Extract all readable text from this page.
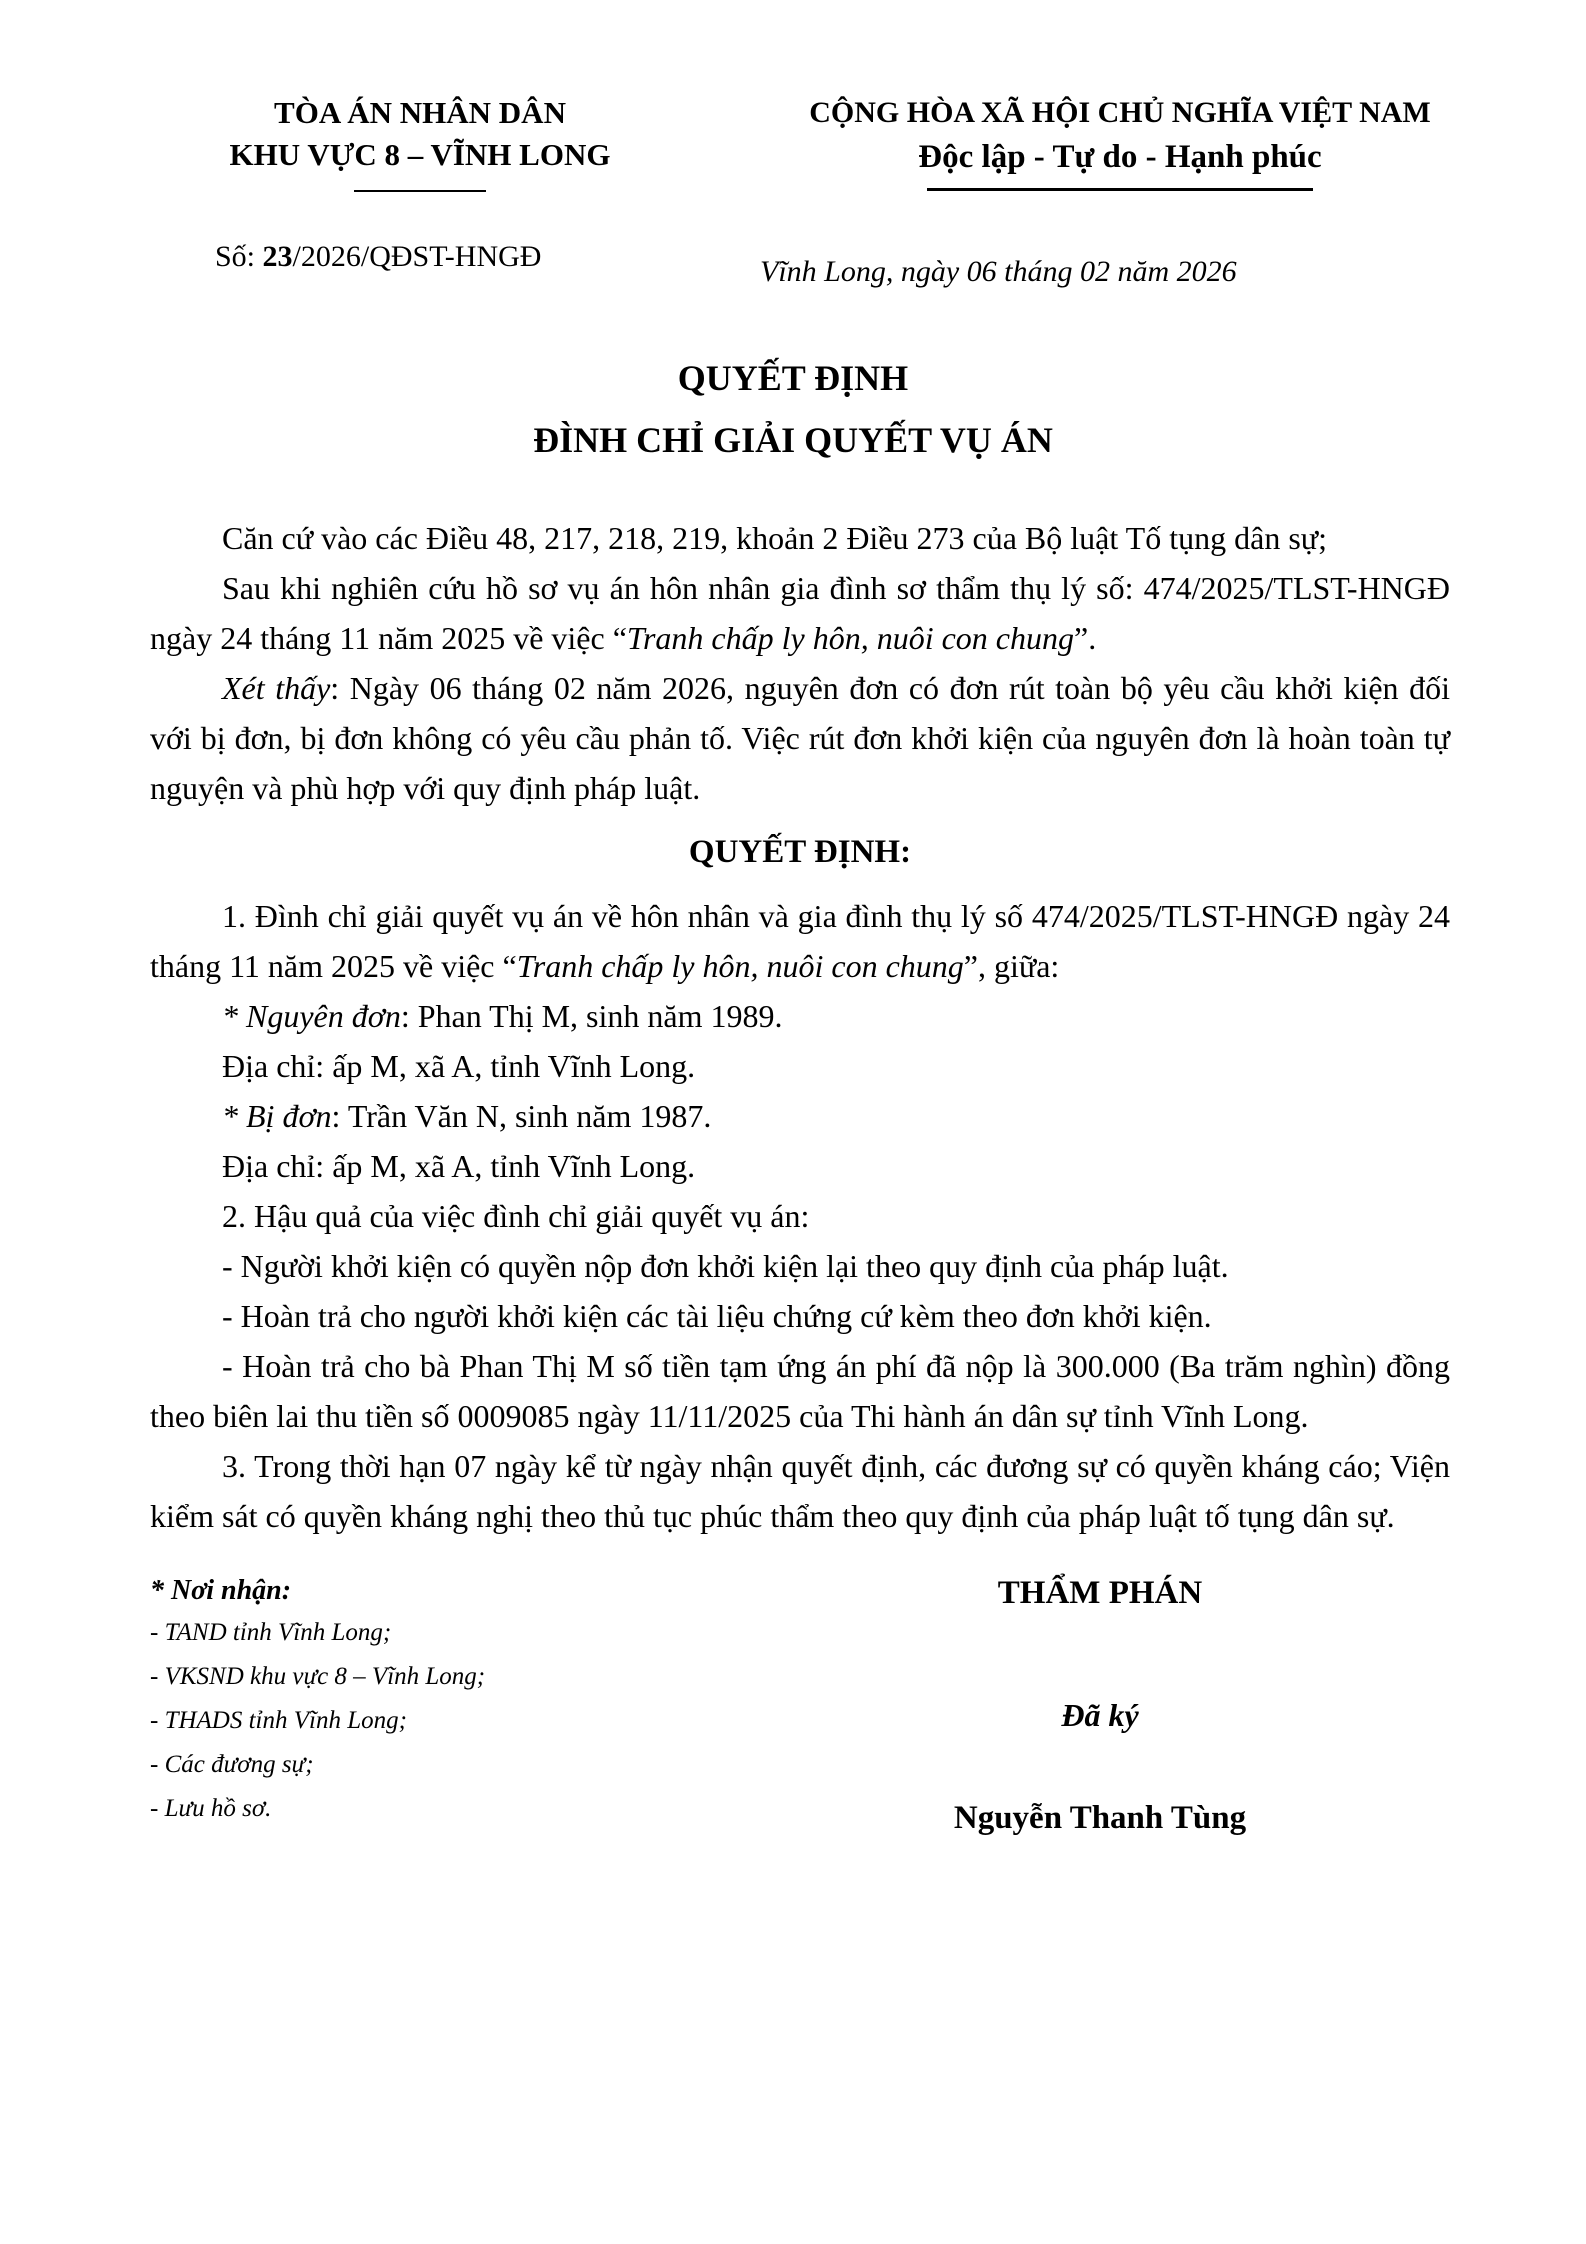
TÒA ÁN NHÂN DÂN
KHU VỰC 8 – VĨNH LONG
Số: 23/2026/QĐST-HNGĐ
CỘNG HÒA XÃ HỘI CHỦ NGHĨA VIỆT NAM
Độc lập - Tự do - Hạnh phúc
Vĩnh Long, ngày 06 tháng 02 năm 2026
QUYẾT ĐỊNH
ĐÌNH CHỈ GIẢI QUYẾT VỤ ÁN

Căn cứ vào các Điều 48, 217, 218, 219, khoản 2 Điều 273 của Bộ luật Tố tụng dân sự;

Sau khi nghiên cứu hồ sơ vụ án hôn nhân gia đình sơ thẩm thụ lý số: 474/2025/TLST-HNGĐ ngày 24 tháng 11 năm 2025 về việc “Tranh chấp ly hôn, nuôi con chung”.

Xét thấy: Ngày 06 tháng 02 năm 2026, nguyên đơn có đơn rút toàn bộ yêu cầu khởi kiện đối với bị đơn, bị đơn không có yêu cầu phản tố. Việc rút đơn khởi kiện của nguyên đơn là hoàn toàn tự nguyện và phù hợp với quy định pháp luật.

QUYẾT ĐỊNH:

1. Đình chỉ giải quyết vụ án về hôn nhân và gia đình thụ lý số 474/2025/TLST-HNGĐ ngày 24 tháng 11 năm 2025 về việc “Tranh chấp ly hôn, nuôi con chung”, giữa:

* Nguyên đơn: Phan Thị M, sinh năm 1989.

Địa chỉ: ấp M, xã A, tỉnh Vĩnh Long.

* Bị đơn: Trần Văn N, sinh năm 1987.

Địa chỉ: ấp M, xã A, tỉnh Vĩnh Long.

2. Hậu quả của việc đình chỉ giải quyết vụ án:

- Người khởi kiện có quyền nộp đơn khởi kiện lại theo quy định của pháp luật.

- Hoàn trả cho người khởi kiện các tài liệu chứng cứ kèm theo đơn khởi kiện.

- Hoàn trả cho bà Phan Thị M số tiền tạm ứng án phí đã nộp là 300.000 (Ba trăm nghìn) đồng theo biên lai thu tiền số 0009085 ngày 11/11/2025 của Thi hành án dân sự tỉnh Vĩnh Long.

3. Trong thời hạn 07 ngày kể từ ngày nhận quyết định, các đương sự có quyền kháng cáo; Viện kiểm sát có quyền kháng nghị theo thủ tục phúc thẩm theo quy định của pháp luật tố tụng dân sự.

* Nơi nhận:
- TAND tỉnh Vĩnh Long;
- VKSND khu vực 8 – Vĩnh Long;
- THADS tỉnh Vĩnh Long;
- Các đương sự;
- Lưu hồ sơ.
THẨM PHÁN
Đã ký
Nguyễn Thanh Tùng
